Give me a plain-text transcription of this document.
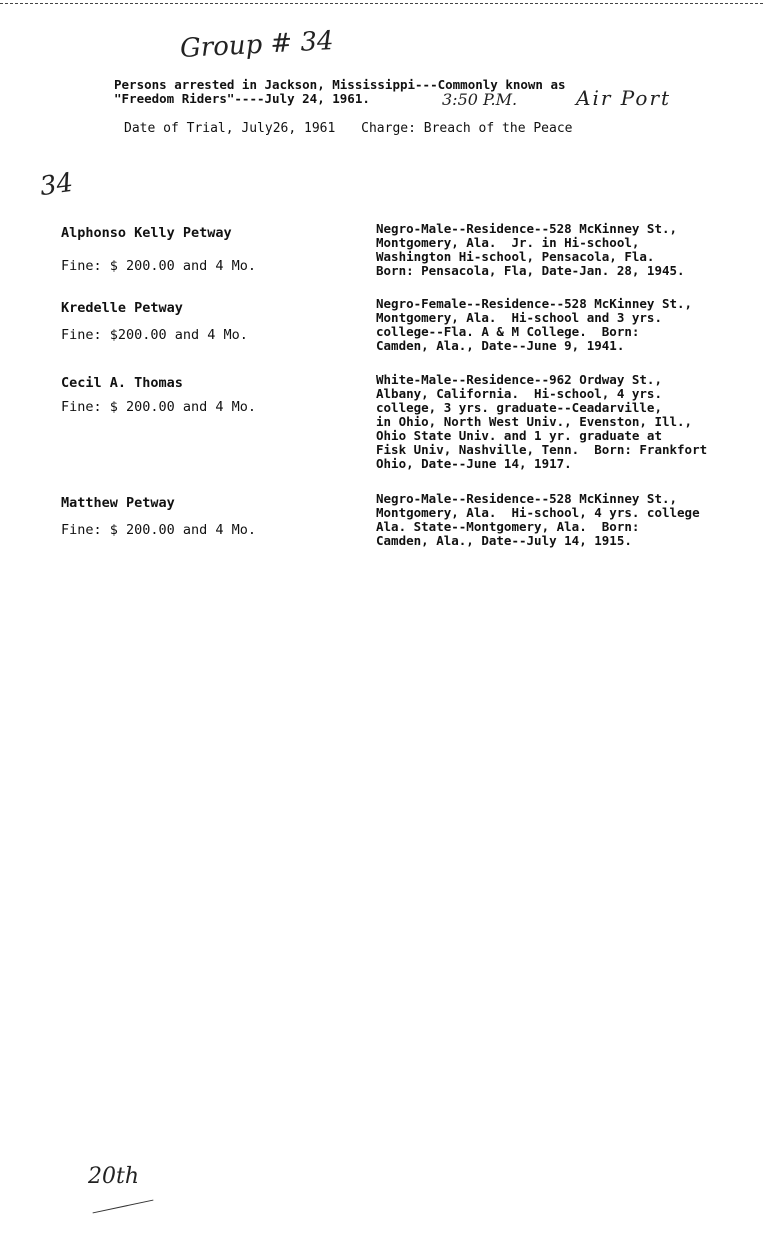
Group # 34
34
3:50 P.M.	Air Port
Persons arrested in Jackson, Mississippi---Commonly known as
"Freedom Riders"----July 24, 1961.
Date of Trial, July26, 1961 Charge: Breach of the Peace
Alphonso Kelly Petway
Fine: $ 200.00 and 4 Mo.
Negro-Male--Residence--528 McKinney St.,
Montgomery, Ala.  Jr. in Hi-school,
Washington Hi-school, Pensacola, Fla.
Born: Pensacola, Fla, Date-Jan. 28, 1945.
Kredelle Petway
Fine: $200.00 and 4 Mo.
Negro-Female--Residence--528 McKinney St.,
Montgomery, Ala.  Hi-school and 3 yrs.
college--Fla. A & M College.  Born:
Camden, Ala., Date--June 9, 1941.
Cecil A. Thomas
Fine: $ 200.00 and 4 Mo.
White-Male--Residence--962 Ordway St.,
Albany, California.  Hi-school, 4 yrs.
college, 3 yrs. graduate--Ceadarville,
in Ohio, North West Univ., Evenston, Ill.,
Ohio State Univ. and 1 yr. graduate at
Fisk Univ, Nashville, Tenn.  Born: Frankfort
Ohio, Date--June 14, 1917.
Matthew Petway
Fine: $ 200.00 and 4 Mo.
Negro-Male--Residence--528 McKinney St.,
Montgomery, Ala.  Hi-school, 4 yrs. college
Ala. State--Montgomery, Ala.  Born:
Camden, Ala., Date--July 14, 1915.
20th
